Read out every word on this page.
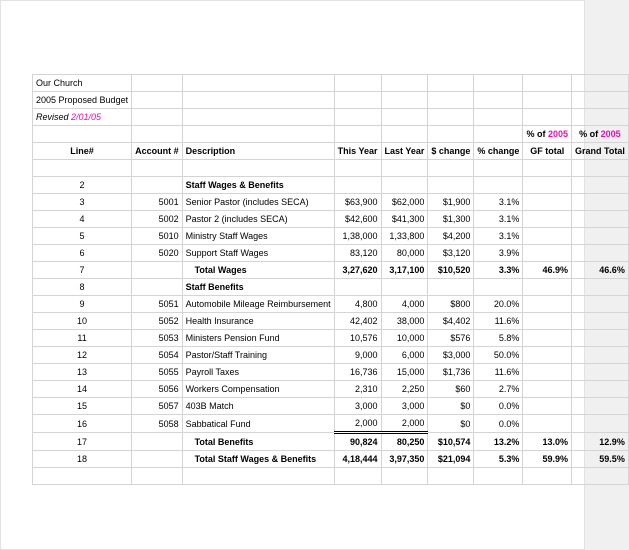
Our Church								
2005 Proposed Budget								
Revised 2/01/05								
							% of 2005	% of 2005
Line#	Account #	Description	This Year	Last Year	$ change	% change	GF total	Grand Total

2		Staff Wages & Benefits						
3	5001	Senior Pastor (includes SECA)	$63,900	$62,000	$1,900	3.1%		
4	5002	Pastor 2 (includes SECA)	$42,600	$41,300	$1,300	3.1%		
5	5010	Ministry Staff Wages	1,38,000	1,33,800	$4,200	3.1%		
6	5020	Support Staff Wages	83,120	80,000	$3,120	3.9%		
7		Total Wages	3,27,620	3,17,100	$10,520	3.3%	46.9%	46.6%
8		Staff Benefits						
9	5051	Automobile Mileage Reimbursement	4,800	4,000	$800	20.0%		
10	5052	Health Insurance	42,402	38,000	$4,402	11.6%		
11	5053	Ministers Pension Fund	10,576	10,000	$576	5.8%		
12	5054	Pastor/Staff Training	9,000	6,000	$3,000	50.0%		
13	5055	Payroll Taxes	16,736	15,000	$1,736	11.6%		
14	5056	Workers Compensation	2,310	2,250	$60	2.7%		
15	5057	403B Match	3,000	3,000	$0	0.0%		
16	5058	Sabbatical Fund	2,000	2,000	$0	0.0%		
17		Total Benefits	90,824	80,250	$10,574	13.2%	13.0%	12.9%
18		Total Staff Wages & Benefits	4,18,444	3,97,350	$21,094	5.3%	59.9%	59.5%
